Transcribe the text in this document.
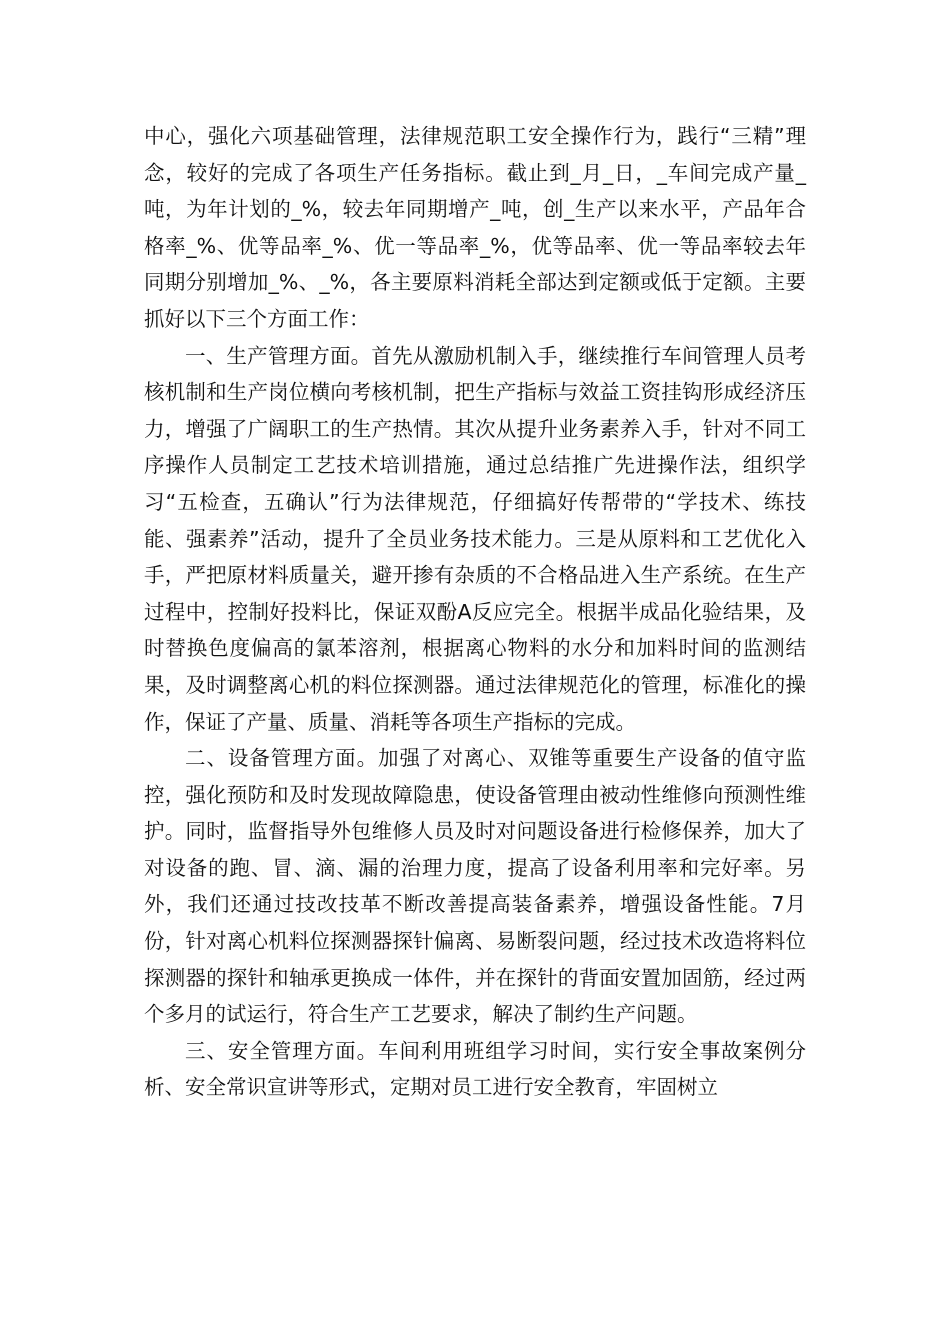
中心，强化六项基础管理，法律规范职工安全操作行为，践行“三精”理念，较好的完成了各项生产任务指标。截止到_月_日，_车间完成产量_吨，为年计划的_%，较去年同期增产_吨，创_生产以来水平，产品年合格率_%、优等品率_%、优一等品率_%，优等品率、优一等品率较去年同期分别增加_%、_%，各主要原料消耗全部达到定额或低于定额。主要抓好以下三个方面工作：

一、生产管理方面。首先从激励机制入手，继续推行车间管理人员考核机制和生产岗位横向考核机制，把生产指标与效益工资挂钩形成经济压力，增强了广阔职工的生产热情。其次从提升业务素养入手，针对不同工序操作人员制定工艺技术培训措施，通过总结推广先进操作法，组织学习“五检查，五确认”行为法律规范，仔细搞好传帮带的“学技术、练技能、强素养”活动，提升了全员业务技术能力。三是从原料和工艺优化入手，严把原材料质量关，避开掺有杂质的不合格品进入生产系统。在生产过程中，控制好投料比，保证双酚A反应完全。根据半成品化验结果，及时替换色度偏高的氯苯溶剂，根据离心物料的水分和加料时间的监测结果，及时调整离心机的料位探测器。通过法律规范化的管理，标准化的操作，保证了产量、质量、消耗等各项生产指标的完成。

二、设备管理方面。加强了对离心、双锥等重要生产设备的值守监控，强化预防和及时发现故障隐患，使设备管理由被动性维修向预测性维护。同时，监督指导外包维修人员及时对问题设备进行检修保养，加大了对设备的跑、冒、滴、漏的治理力度，提高了设备利用率和完好率。另外，我们还通过技改技革不断改善提高装备素养，增强设备性能。7月份，针对离心机料位探测器探针偏离、易断裂问题，经过技术改造将料位探测器的探针和轴承更换成一体件，并在探针的背面安置加固筋，经过两个多月的试运行，符合生产工艺要求，解决了制约生产问题。

三、安全管理方面。车间利用班组学习时间，实行安全事故案例分析、安全常识宣讲等形式，定期对员工进行安全教育，牢固树立
